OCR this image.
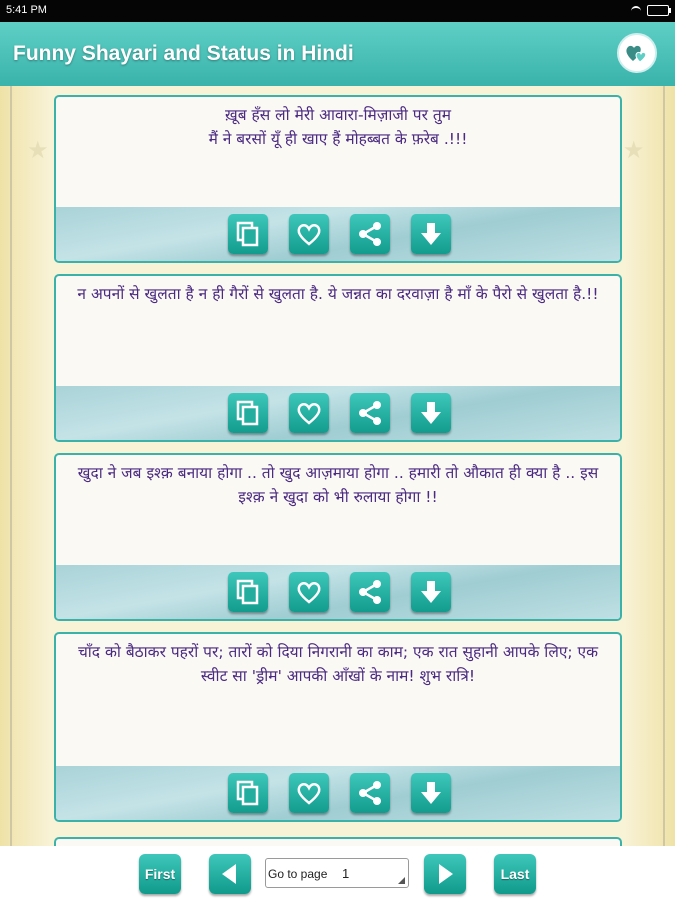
5:41 PM
Funny Shayari and Status in Hindi
★	★
ख़ूब हँस लो मेरी आवारा-मिज़ाजी पर तुम
मैं ने बरसों यूँ ही खाए हैं मोहब्बत के फ़रेब .!!!
न अपनों से खुलता है न ही गैरों से खुलता है. ये जन्नत का दरवाज़ा है माँ के पैरो से खुलता है.!!
खुदा ने जब इश्क़ बनाया होगा .. तो खुद आज़माया होगा .. हमारी तो औकात ही क्या है .. इस इश्क़ ने खुदा को भी रुलाया होगा !!
चाँद को बैठाकर पहरों पर; तारों को दिया निगरानी का काम; एक रात सुहानी आपके लिए; एक स्वीट सा 'ड्रीम' आपकी आँखों के नाम! शुभ रात्रि!
First	Go to page 1	Last
